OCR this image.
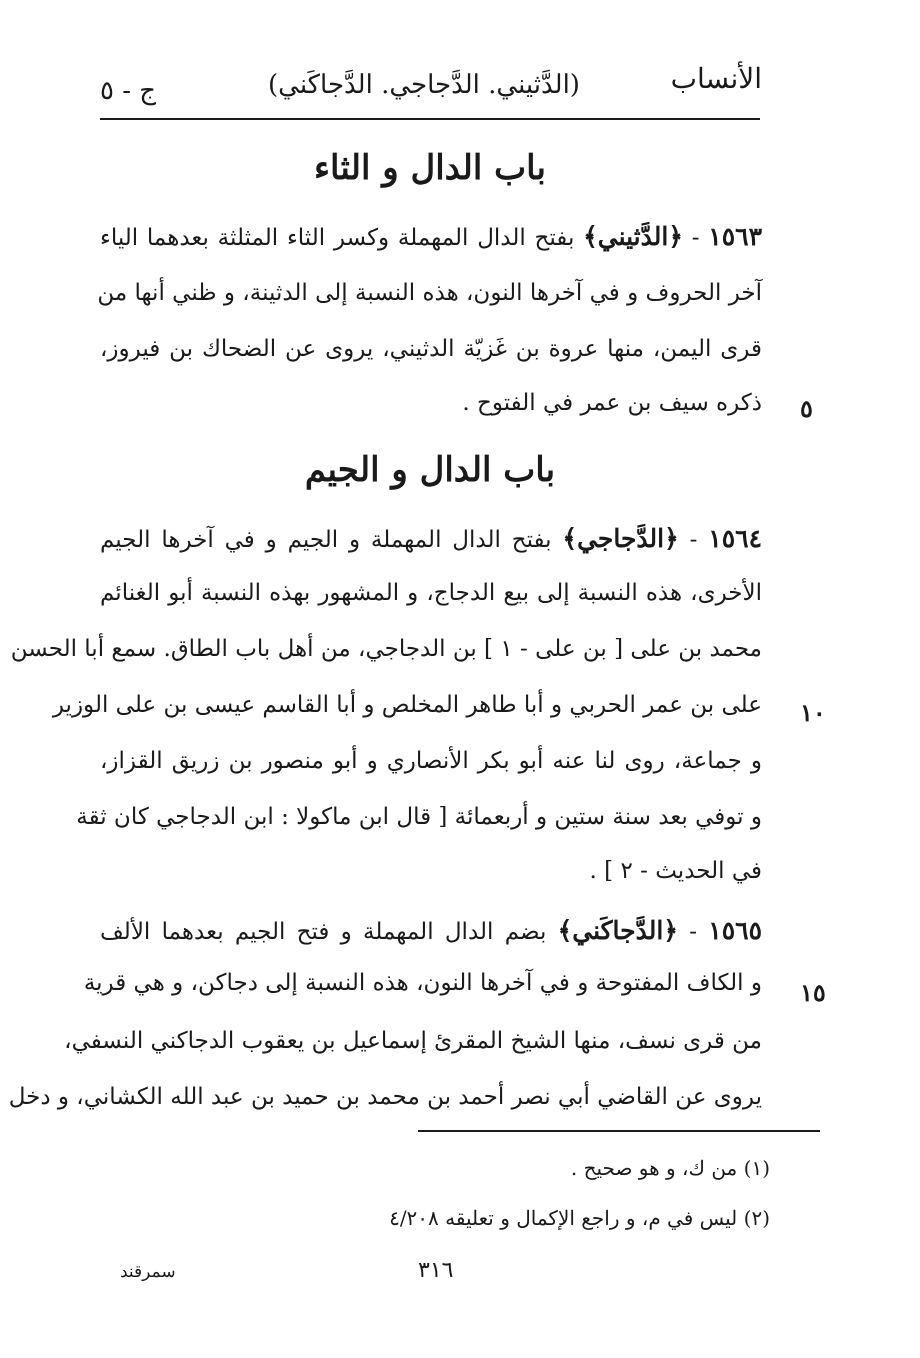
الأنساب
(الدَّثيني. الدَّجاجي. الدَّجاكَني)
ج - ٥
باب الدال و الثاء
١٥٦٣ - ﴿الدَّثيني﴾ بفتح الدال المهملة وكسر الثاء المثلثة بعدهما الياء
آخر الحروف و في آخرها النون، هذه النسبة إلى الدثينة، و ظني أنها من
قرى اليمن، منها عروة بن غَزيّة الدثيني، يروى عن الضحاك بن فيروز،
ذكره سيف بن عمر في الفتوح . ٥
باب الدال و الجيم
١٥٦٤ - ﴿الدَّجاجي﴾ بفتح الدال المهملة و الجيم و في آخرها الجيم
الأخرى، هذه النسبة إلى بيع الدجاج، و المشهور بهذه النسبة أبو الغنائم
محمد بن على [ بن على - ١ ] بن الدجاجي، من أهل باب الطاق. سمع أبا الحسن
على بن عمر الحربي و أبا طاهر المخلص و أبا القاسم عيسى بن على الوزير ١٠
و جماعة، روى لنا عنه أبو بكر الأنصاري و أبو منصور بن زريق القزاز،
و توفي بعد سنة ستين و أربعمائة [ قال ابن ماكولا : ابن الدجاجي كان ثقة
في الحديث - ٢ ] .
١٥٦٥ - ﴿الدَّجاكَني﴾ بضم الدال المهملة و فتح الجيم بعدهما الألف
و الكاف المفتوحة و في آخرها النون، هذه النسبة إلى دجاكن، و هي قرية ١٥
من قرى نسف، منها الشيخ المقرئ إسماعيل بن يعقوب الدجاكني النسفي،
يروى عن القاضي أبي نصر أحمد بن محمد بن حميد بن عبد الله الكشاني، و دخل
(١) من ك، و هو صحيح .
(٢) ليس في م، و راجع الإكمال و تعليقه ٤/٢٠٨
٣١٦
سمرقند
